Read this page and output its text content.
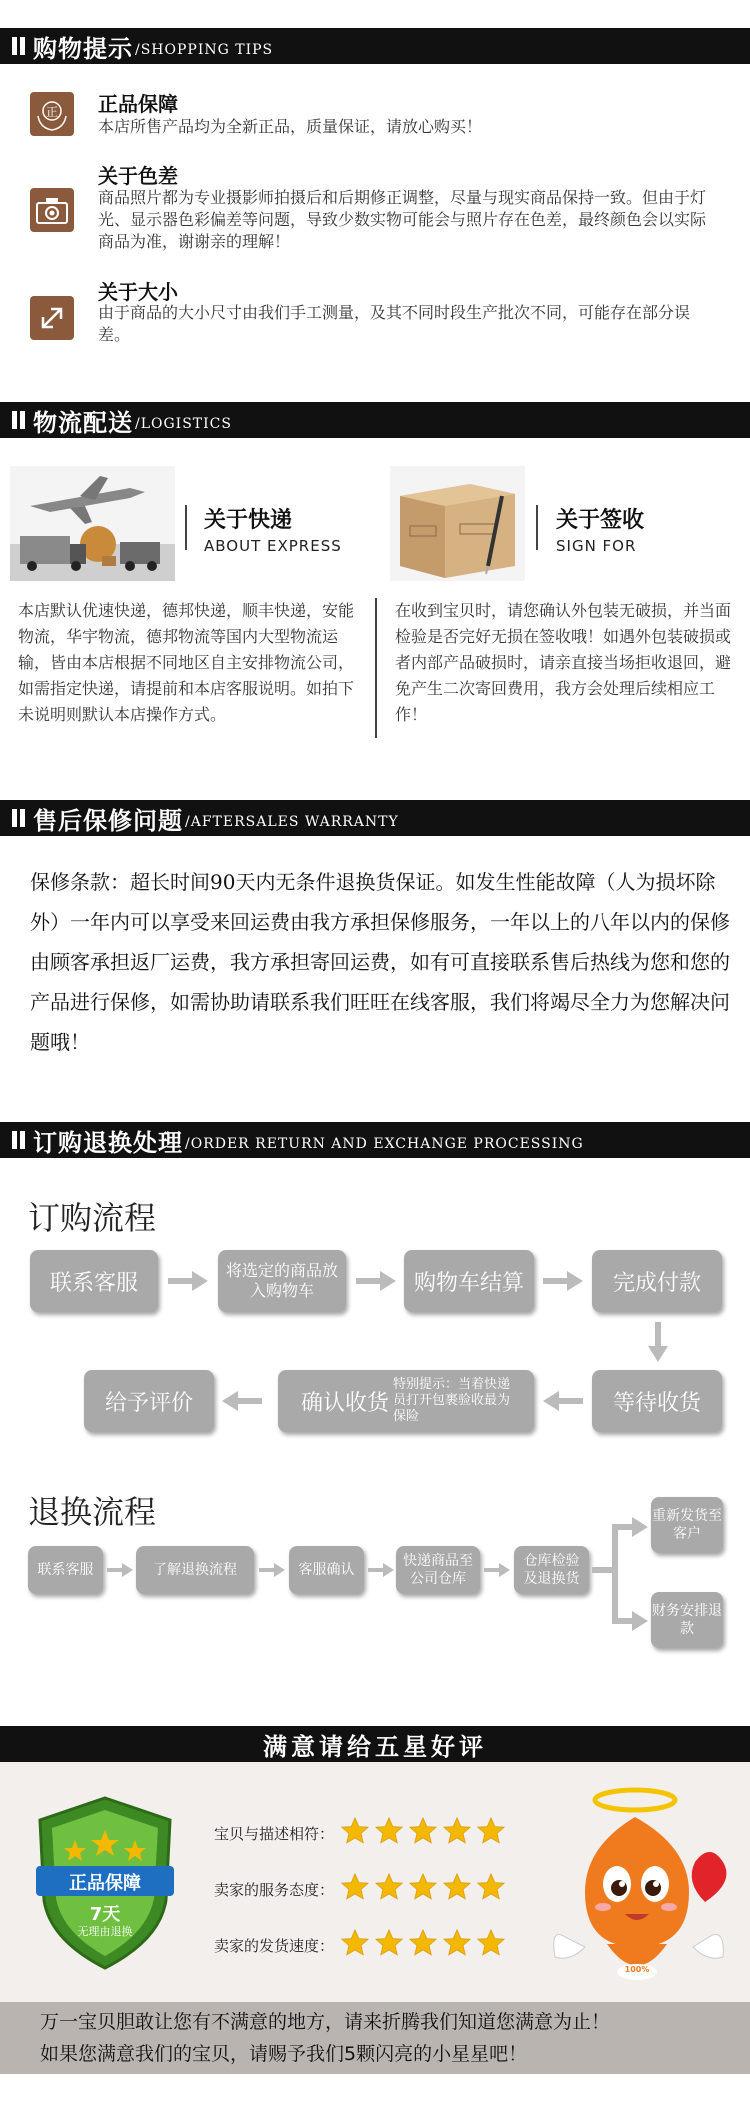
购物提示 /SHOPPING TIPS
正 正品保障
本店所售产品均为全新正品，质量保证，请放心购买！
关于色差
商品照片都为专业摄影师拍摄后和后期修正调整，尽量与现实商品保持一致。但由于灯光、显示器色彩偏差等问题，导致少数实物可能会与照片存在色差，最终颜色会以实际商品为准，谢谢亲的理解！
关于大小
由于商品的大小尺寸由我们手工测量，及其不同时段生产批次不同，可能存在部分误差。
物流配送 /LOGISTICS
关于快递
ABOUT EXPRESS
本店默认优速快递，德邦快递，顺丰快递，安能物流，华宇物流，德邦物流等国内大型物流运输，皆由本店根据不同地区自主安排物流公司，如需指定快递，请提前和本店客服说明。如拍下未说明则默认本店操作方式。
关于签收
SIGN FOR
在收到宝贝时，请您确认外包装无破损，并当面检验是否完好无损在签收哦！如遇外包装破损或者内部产品破损时，请亲直接当场拒收退回，避免产生二次寄回费用，我方会处理后续相应工作！
售后保修问题 /AFTERSALES WARRANTY
保修条款：超长时间90天内无条件退换货保证。如发生性能故障（人为损坏除外）一年内可以享受来回运费由我方承担保修服务，一年以上的八年以内的保修由顾客承担返厂运费，我方承担寄回运费，如有可直接联系售后热线为您和您的产品进行保修，如需协助请联系我们旺旺在线客服，我们将竭尽全力为您解决问题哦！
订购退换处理 /ORDER RETURN AND EXCHANGE PROCESSING
订购流程
联系客服	将选定的商品放入购物车	购物车结算	完成付款
等待收货
确认收货
特别提示：当着快递员打开包裹验收最为保险
给予评价
退换流程
联系客服	了解退换流程	客服确认
快递商品至公司仓库
仓库检验及退换货
重新发货至客户
财务安排退款
满意请给五星好评
正品保障
7天
无理由退换
宝贝与描述相符：
卖家的服务态度：
卖家的发货速度：
100%
万一宝贝胆敢让您有不满意的地方，请来折腾我们知道您满意为止！
如果您满意我们的宝贝，请赐予我们5颗闪亮的小星星吧！
